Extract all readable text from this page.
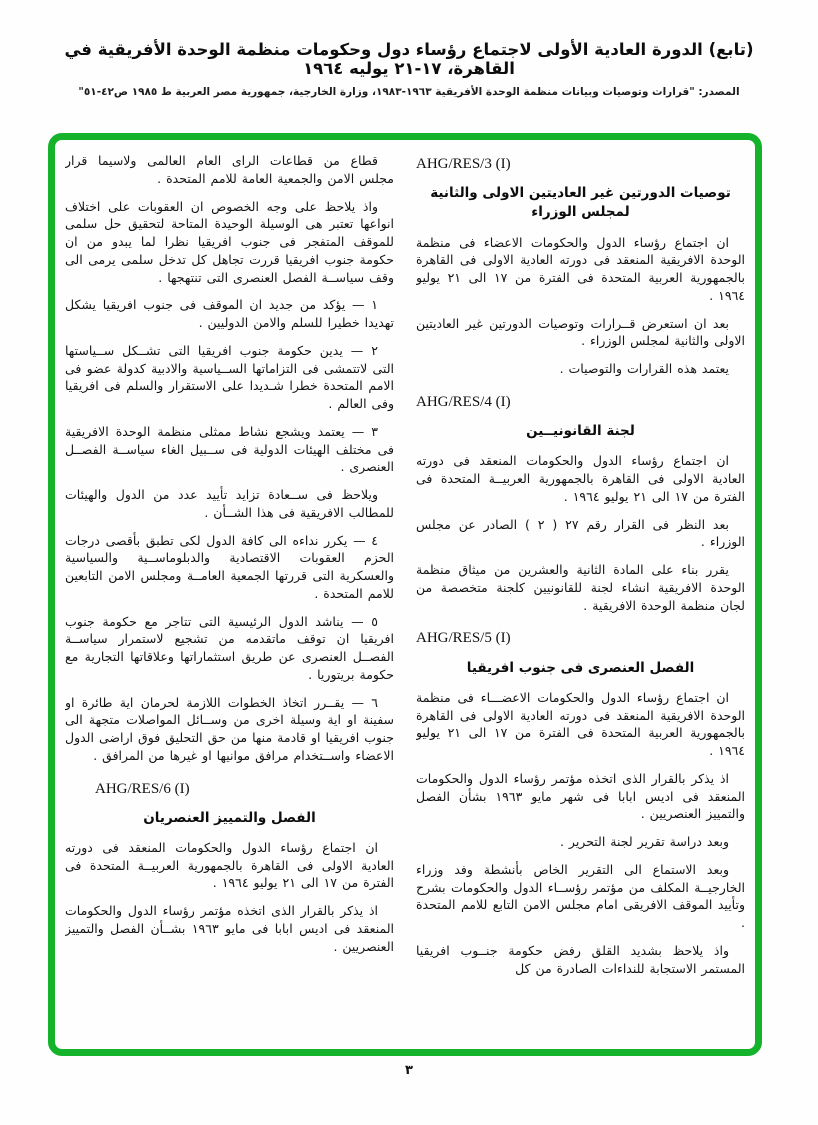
(تابع) الدورة العادية الأولى لاجتماع رؤساء دول وحكومات منظمة الوحدة الأفريقية في القاهرة، ١٧-٢١ يوليه ١٩٦٤
المصدر: "قرارات وتوصيات وبيانات منظمة الوحدة الأفريقية ١٩٦٣-١٩٨٣، وزارة الخارجية، جمهورية مصر العربية ط ١٩٨٥ ص٤٢-٥١"
AHG/RES/3 (I)
توصيات الدورتين غير العاديتين الاولى والثانية لمجلس الوزراء

ان اجتماع رؤساء الدول والحكومات الاعضاء فى منظمة الوحدة الافريقية المنعقد فى دورته العادية الاولى فى القاهرة بالجمهورية العربية المتحدة فى الفترة من ١٧ الى ٢١ يوليو ١٩٦٤ .

بعد ان استعرض قــرارات وتوصيات الدورتين غير العاديتين الاولى والثانية لمجلس الوزراء .

يعتمد هذه القرارات والتوصيات .

AHG/RES/4 (I)
لجنة القانونيــين

ان اجتماع رؤساء الدول والحكومات المنعقد فى دورته العادية الاولى فى القاهرة بالجمهورية العربيــة المتحدة فى الفترة من ١٧ الى ٢١ يوليو ١٩٦٤ .

بعد النظر فى القرار رقم ٢٧ ( ٢ ) الصادر عن مجلس الوزراء .

يقرر بناء على المادة الثانية والعشرين من ميثاق منظمة الوحدة الافريقية انشاء لجنة للقانونيين كلجنة متخصصة من لجان منظمة الوحدة الافريقية .

AHG/RES/5 (I)
الفصل العنصرى فى جنوب افريقيا

ان اجتماع رؤساء الدول والحكومات الاعضـــاء فى منظمة الوحدة الافريقية المنعقد فى دورته العادية الاولى فى القاهرة بالجمهورية العربية المتحدة فى الفترة من ١٧ الى ٢١ يوليو ١٩٦٤ .

اذ يذكر بالقرار الذى اتخذه مؤتمر رؤساء الدول والحكومات المنعقد فى اديس ابابا فى شهر مايو ١٩٦٣ بشأن الفصل والتمييز العنصريين .

وبعد دراسة تقرير لجنة التحرير .

وبعد الاستماع الى التقرير الخاص بأنشطة وفد وزراء الخارجيــة المكلف من مؤتمر رؤســاء الدول والحكومات بشرح وتأييد الموقف الافريقى امام مجلس الامن التابع للامم المتحدة .

واذ يلاحظ بشديد القلق رفض حكومة جنــوب افريقيا المستمر الاستجابة للنداءات الصادرة من كل

قطاع من قطاعات الراى العام العالمى ولاسيما قرار مجلس الامن والجمعية العامة للامم المتحدة .

واذ يلاحظ على وجه الخصوص ان العقوبات على اختلاف انواعها تعتبر هى الوسيلة الوحيدة المتاحة لتحقيق حل سلمى للموقف المتفجر فى جنوب افريقيا نظرا لما يبدو من ان حكومة جنوب افريقيا قررت تجاهل كل تدخل سلمى يرمى الى وقف سياســة الفصل العنصرى التى تنتهجها .

١ — يؤكد من جديد ان الموقف فى جنوب افريقيا يشكل تهديدا خطيرا للسلم والامن الدوليين .

٢ — يدين حكومة جنوب افريقيا التى تشــكل ســياستها التى لاتتمشى فى التزاماتها الســياسية والادبية كدولة عضو فى الامم المتحدة خطرا شـديدا على الاستقرار والسلم فى افريقيا وفى العالم .

٣ — يعتمد ويشجع نشاط ممثلى منظمة الوحدة الافريقية فى مختلف الهيئات الدولية فى ســبيل الغاء سياســة الفصــل العنصرى .

ويلاحظ فى ســعادة تزايد تأييد عدد من الدول والهيئات للمطالب الافريقية فى هذا الشــأن .

٤ — يكرر نداءه الى كافة الدول لكى تطبق بأقصى درجات الحزم العقوبات الاقتصادية والدبلوماســية والسياسية والعسكرية التى قررتها الجمعية العامــة ومجلس الامن التابعين للامم المتحدة .

٥ — يناشد الدول الرئيسية التى تتاجر مع حكومة جنوب افريقيا ان توقف ماتقدمه من تشجيع لاستمرار سياســة الفصــل العنصرى عن طريق استثماراتها وعلاقاتها التجارية مع حكومة بريتوريا .

٦ — يقــرر اتخاذ الخطوات اللازمة لحرمان اية طائرة او سفينة او اية وسيلة اخرى من وســائل المواصلات متجهة الى جنوب افريقيا او قادمة منها من حق التحليق فوق اراضى الدول الاعضاء واســتخدام مرافق موانيها او غيرها من المرافق .

AHG/RES/6 (I)
الفصل والتمييز العنصريان

ان اجتماع رؤساء الدول والحكومات المنعقد فى دورته العادية الاولى فى القاهرة بالجمهورية العربيــة المتحدة فى الفترة من ١٧ الى ٢١ يوليو ١٩٦٤ .

اذ يذكر بالقرار الذى اتخذه مؤتمر رؤساء الدول والحكومات المنعقد فى اديس ابابا فى مايو ١٩٦٣ بشــأن الفصل والتمييز العنصريين .

٣
